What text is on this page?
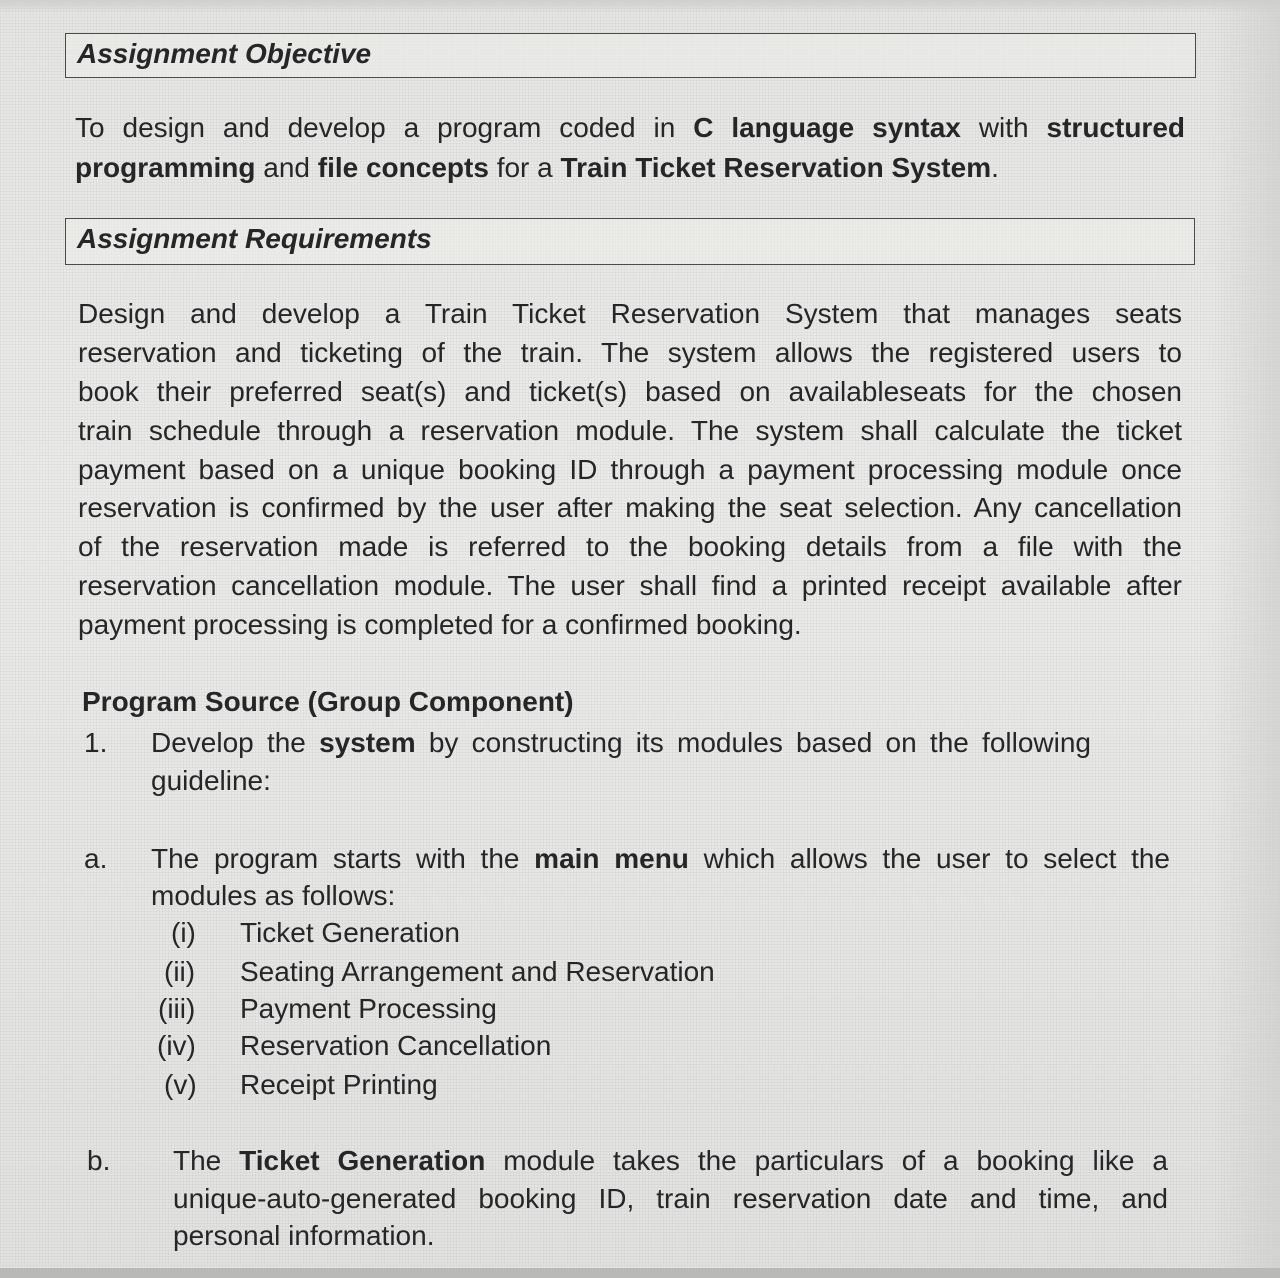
Assignment Objective
To design and develop a program coded in C language syntax with structured
programming and file concepts for a Train Ticket Reservation System.
Assignment Requirements
Design and develop a Train Ticket Reservation System that manages seats
reservation and ticketing of the train. The system allows the registered users to
book their preferred seat(s) and ticket(s) based on availableseats for the chosen
train schedule through a reservation module. The system shall calculate the ticket
payment based on a unique booking ID through a payment processing module once
reservation is confirmed by the user after making the seat selection. Any cancellation
of the reservation made is referred to the booking details from a file with the
reservation cancellation module. The user shall find a printed receipt available after
payment processing is completed for a confirmed booking.
Program Source (Group Component)
1. Develop the system by constructing its modules based on the following
guideline:
a. The program starts with the main menu which allows the user to select the
modules as follows:
(i) Ticket Generation
(ii) Seating Arrangement and Reservation
(iii) Payment Processing
(iv) Reservation Cancellation
(v) Receipt Printing
b. The Ticket Generation module takes the particulars of a booking like a
unique-auto-generated booking ID, train reservation date and time, and
personal information.
